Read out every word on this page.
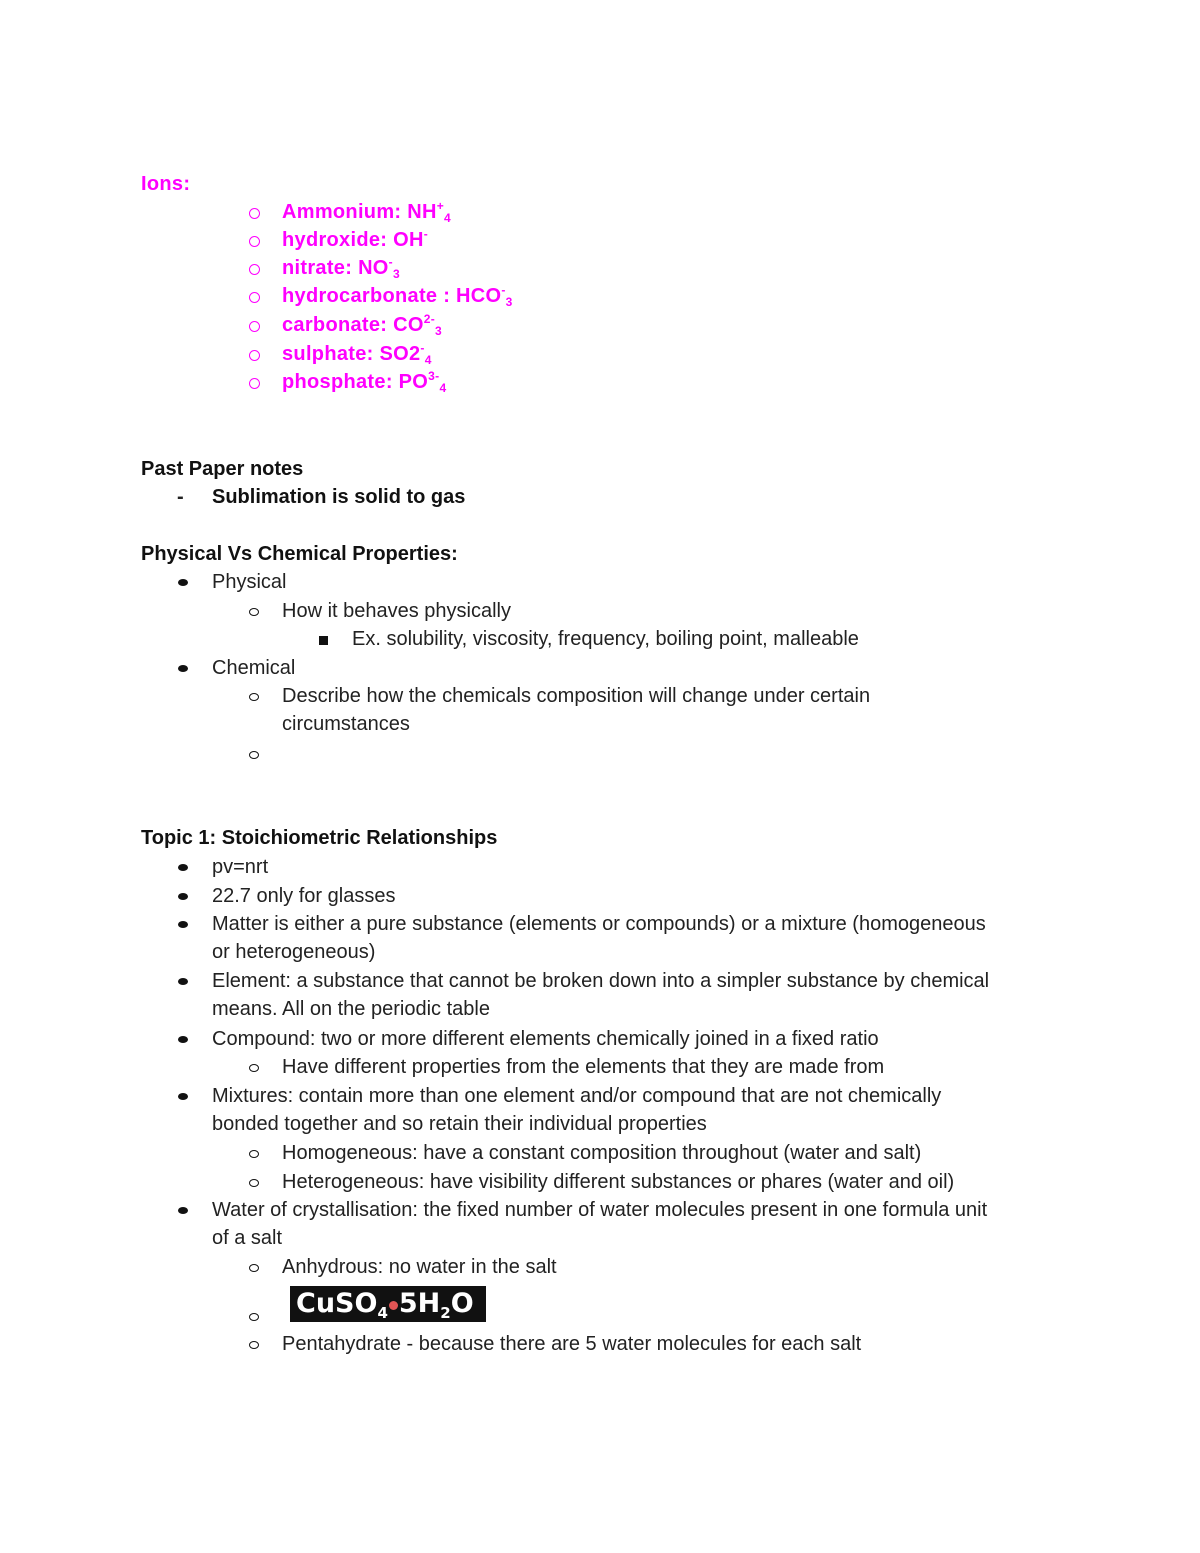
Ions:
Ammonium: $NH^+_4$
hydroxide: OH-
nitrate: $NO^-_3$
hydrocarbonate : $HCO^-_3$
carbonate: $CO^{2-}_3$
sulphate: $SO2^-_4$
phosphate: $PO^{3-}_4$
Past Paper notes
- Sublimation is solid to gas
Physical Vs Chemical Properties:
Physical
How it behaves physically
Ex. solubility, viscosity, frequency, boiling point, malleable
Chemical
Describe how the chemicals composition will change under certain
circumstances
Topic 1: Stoichiometric Relationships
pv=nrt
22.7 only for glasses
Matter is either a pure substance (elements or compounds) or a mixture (homogeneous
or heterogeneous)
Element: a substance that cannot be broken down into a simpler substance by chemical
means. All on the periodic table
Compound: two or more different elements chemically joined in a fixed ratio
Have different properties from the elements that they are made from
Mixtures: contain more than one element and/or compound that are not chemically
bonded together and so retain their individual properties
Homogeneous: have a constant composition throughout (water and salt)
Heterogeneous: have visibility different substances or phares (water and oil)
Water of crystallisation: the fixed number of water molecules present in one formula unit
of a salt
Anhydrous: no water in the salt
CuSO$_4$ $5H_2O$
Pentahydrate - because there are 5 water molecules for each salt
